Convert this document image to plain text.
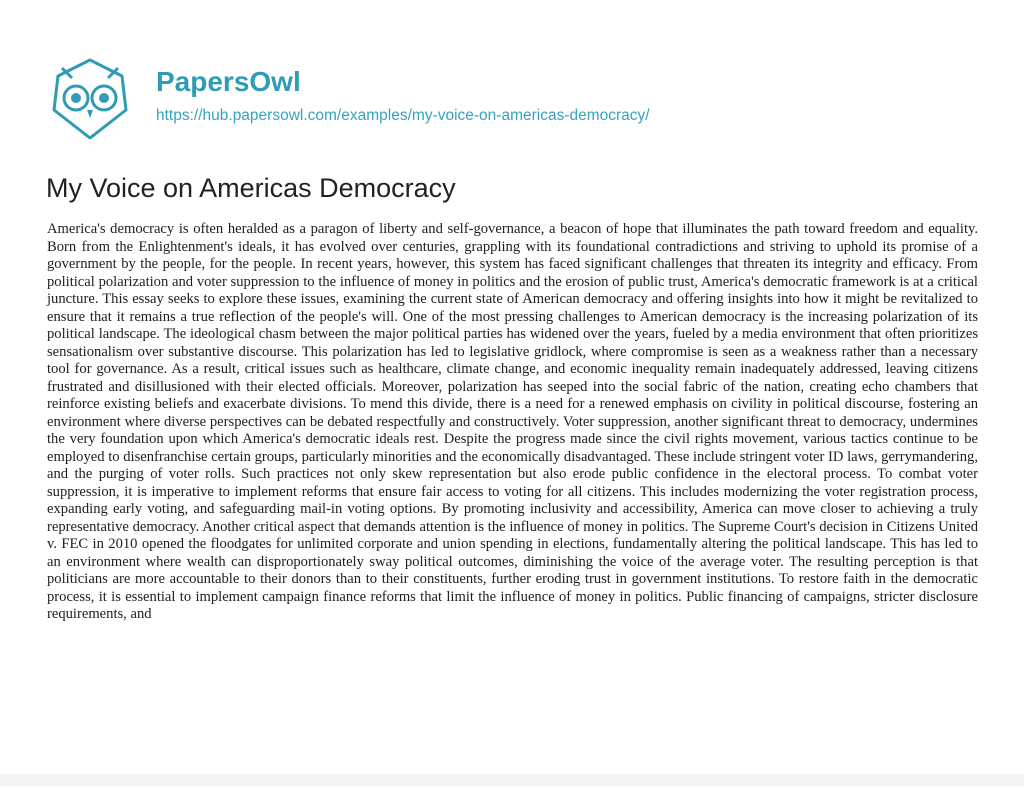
PapersOwl
https://hub.papersowl.com/examples/my-voice-on-americas-democracy/
My Voice on Americas Democracy

America's democracy is often heralded as a paragon of liberty and self-governance, a beacon of hope that illuminates the path toward freedom and equality. Born from the Enlightenment's ideals, it has evolved over centuries, grappling with its foundational contradictions and striving to uphold its promise of a government by the people, for the people. In recent years, however, this system has faced significant challenges that threaten its integrity and efficacy. From political polarization and voter suppression to the influence of money in politics and the erosion of public trust, America's democratic framework is at a critical juncture. This essay seeks to explore these issues, examining the current state of American democracy and offering insights into how it might be revitalized to ensure that it remains a true reflection of the people's will. One of the most pressing challenges to American democracy is the increasing polarization of its political landscape. The ideological chasm between the major political parties has widened over the years, fueled by a media environment that often prioritizes sensationalism over substantive discourse. This polarization has led to legislative gridlock, where compromise is seen as a weakness rather than a necessary tool for governance. As a result, critical issues such as healthcare, climate change, and economic inequality remain inadequately addressed, leaving citizens frustrated and disillusioned with their elected officials. Moreover, polarization has seeped into the social fabric of the nation, creating echo chambers that reinforce existing beliefs and exacerbate divisions. To mend this divide, there is a need for a renewed emphasis on civility in political discourse, fostering an environment where diverse perspectives can be debated respectfully and constructively. Voter suppression, another significant threat to democracy, undermines the very foundation upon which America's democratic ideals rest. Despite the progress made since the civil rights movement, various tactics continue to be employed to disenfranchise certain groups, particularly minorities and the economically disadvantaged. These include stringent voter ID laws, gerrymandering, and the purging of voter rolls. Such practices not only skew representation but also erode public confidence in the electoral process. To combat voter suppression, it is imperative to implement reforms that ensure fair access to voting for all citizens. This includes modernizing the voter registration process, expanding early voting, and safeguarding mail-in voting options. By promoting inclusivity and accessibility, America can move closer to achieving a truly representative democracy. Another critical aspect that demands attention is the influence of money in politics. The Supreme Court's decision in Citizens United v. FEC in 2010 opened the floodgates for unlimited corporate and union spending in elections, fundamentally altering the political landscape. This has led to an environment where wealth can disproportionately sway political outcomes, diminishing the voice of the average voter. The resulting perception is that politicians are more accountable to their donors than to their constituents, further eroding trust in government institutions. To restore faith in the democratic process, it is essential to implement campaign finance reforms that limit the influence of money in politics. Public financing of campaigns, stricter disclosure requirements, and
